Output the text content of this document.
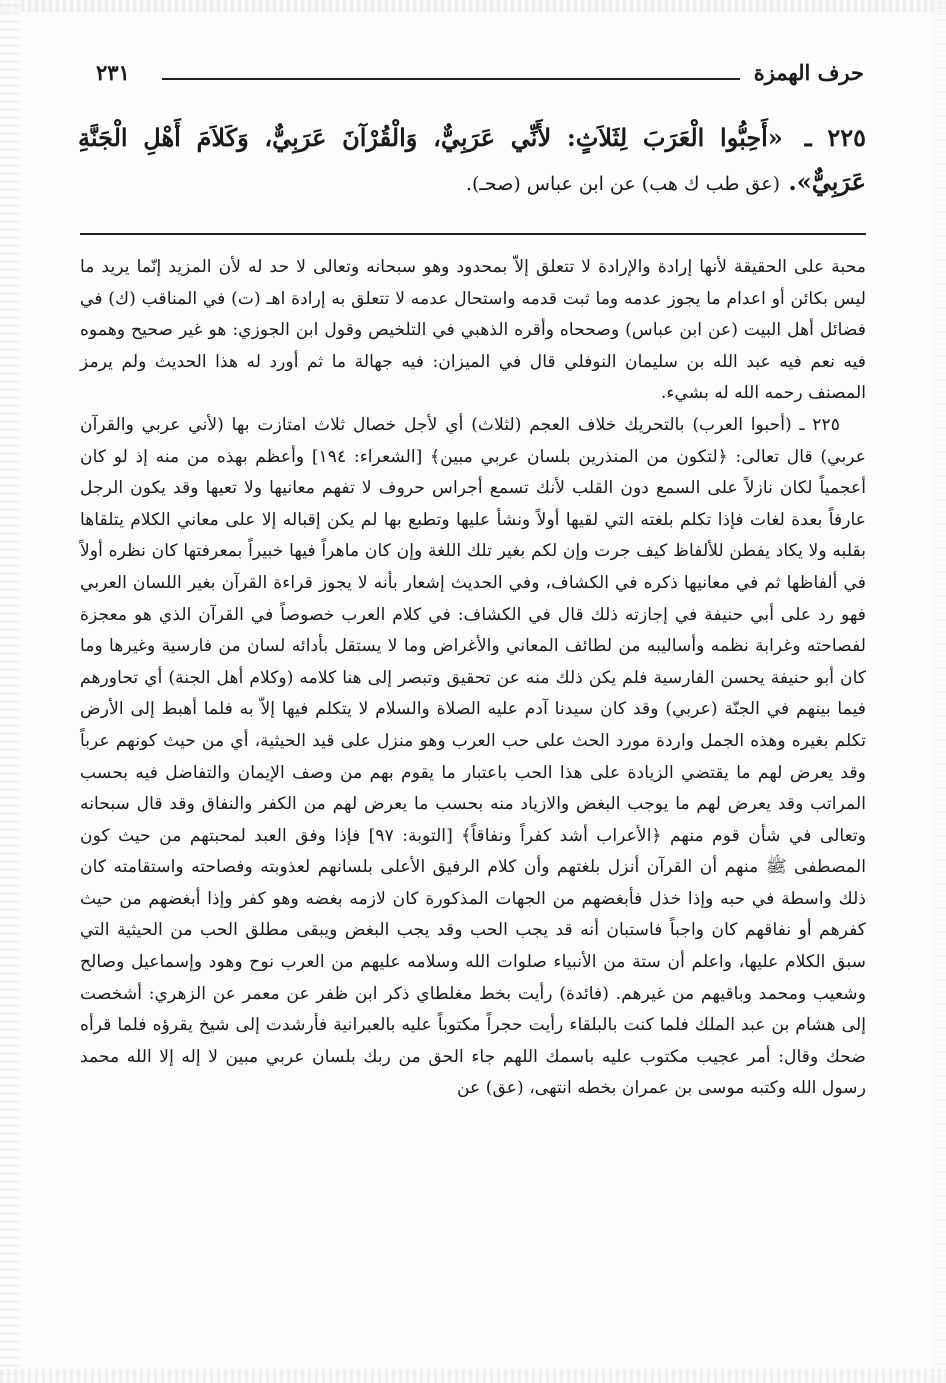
حرف الهمزة
٢٣١
٢٢٥ ـ «أَحِبُّوا الْعَرَبَ لِثَلاَثٍ: لأَنِّي عَرَبِيٌّ، وَالْقُرْآنَ عَرَبِيٌّ، وَكَلاَمَ أَهْلِ الْجَنَّةِ عَرَبِيٌّ». (عق طب ك هب) عن ابن عباس (صحـ).

محبة على الحقيقة لأنها إرادة والإرادة لا تتعلق إلاّ بمحدود وهو سبحانه وتعالى لا حد له لأن المزيد إنّما يريد ما ليس بكائن أو اعدام ما يجوز عدمه وما ثبت قدمه واستحال عدمه لا تتعلق به إرادة اهـ (ت) في المناقب (ك) في فضائل أهل البيت (عن ابن عباس) وصححاه وأقره الذهبي في التلخيص وقول ابن الجوزي: هو غير صحيح وهموه فيه نعم فيه عبد الله بن سليمان النوفلي قال في الميزان: فيه جهالة ما ثم أورد له هذا الحديث ولم يرمز المصنف رحمه الله له بشيء.

٢٢٥ ـ (أحبوا العرب) بالتحريك خلاف العجم (لثلاث) أي لأجل خصال ثلاث امتازت بها (لأني عربي والقرآن عربي) قال تعالى: ﴿لتكون من المنذرين بلسان عربي مبين﴾ [الشعراء: ١٩٤] وأعظم بهذه من منه إذ لو كان أعجمياً لكان نازلاً على السمع دون القلب لأنك تسمع أجراس حروف لا تفهم معانيها ولا تعيها وقد يكون الرجل عارفاً بعدة لغات فإذا تكلم بلغته التي لقيها أولاً ونشأ عليها وتطبع بها لم يكن إقباله إلا على معاني الكلام يتلقاها بقلبه ولا يكاد يفطن للألفاظ كيف جرت وإن لكم بغير تلك اللغة وإن كان ماهراً فيها خبيراً بمعرفتها كان نظره أولاً في ألفاظها ثم في معانيها ذكره في الكشاف، وفي الحديث إشعار بأنه لا يجوز قراءة القرآن بغير اللسان العربي فهو رد على أبي حنيفة في إجازته ذلك قال في الكشاف: في كلام العرب خصوصاً في القرآن الذي هو معجزة لفصاحته وغرابة نظمه وأساليبه من لطائف المعاني والأغراض وما لا يستقل بأدائه لسان من فارسية وغيرها وما كان أبو حنيفة يحسن الفارسية فلم يكن ذلك منه عن تحقيق وتبصر إلى هنا كلامه (وكلام أهل الجنة) أي تحاورهم فيما بينهم في الجنّة (عربي) وقد كان سيدنا آدم عليه الصلاة والسلام لا يتكلم فيها إلاّ به فلما أهبط إلى الأرض تكلم بغيره وهذه الجمل واردة مورد الحث على حب العرب وهو منزل على قيد الحيثية، أي من حيث كونهم عرباً وقد يعرض لهم ما يقتضي الزيادة على هذا الحب باعتبار ما يقوم بهم من وصف الإيمان والتفاضل فيه بحسب المراتب وقد يعرض لهم ما يوجب البغض والازياد منه بحسب ما يعرض لهم من الكفر والنفاق وقد قال سبحانه وتعالى في شأن قوم منهم ﴿الأعراب أشد كفراً ونفاقاً﴾ [التوبة: ٩٧] فإذا وفق العبد لمحبتهم من حيث كون المصطفى ﷺ منهم أن القرآن أنزل بلغتهم وأن كلام الرفيق الأعلى بلسانهم لعذوبته وفصاحته واستقامته كان ذلك واسطة في حبه وإذا خذل فأبغضهم من الجهات المذكورة كان لازمه بغضه وهو كفر وإذا أبغضهم من حيث كفرهم أو نفاقهم كان واجباً فاستبان أنه قد يجب الحب وقد يجب البغض ويبقى مطلق الحب من الحيثية التي سبق الكلام عليها، واعلم أن ستة من الأنبياء صلوات الله وسلامه عليهم من العرب نوح وهود وإسماعيل وصالح وشعيب ومحمد وباقيهم من غيرهم. (فائدة) رأيت بخط مغلطاي ذكر ابن ظفر عن معمر عن الزهري: أشخصت إلى هشام بن عبد الملك فلما كنت بالبلقاء رأيت حجراً مكتوباً عليه بالعبرانية فأرشدت إلى شيخ يقرؤه فلما قرأه ضحك وقال: أمر عجيب مكتوب عليه باسمك اللهم جاء الحق من ربك بلسان عربي مبين لا إله إلا الله محمد رسول الله وكتبه موسى بن عمران بخطه انتهى، (عق) عن
